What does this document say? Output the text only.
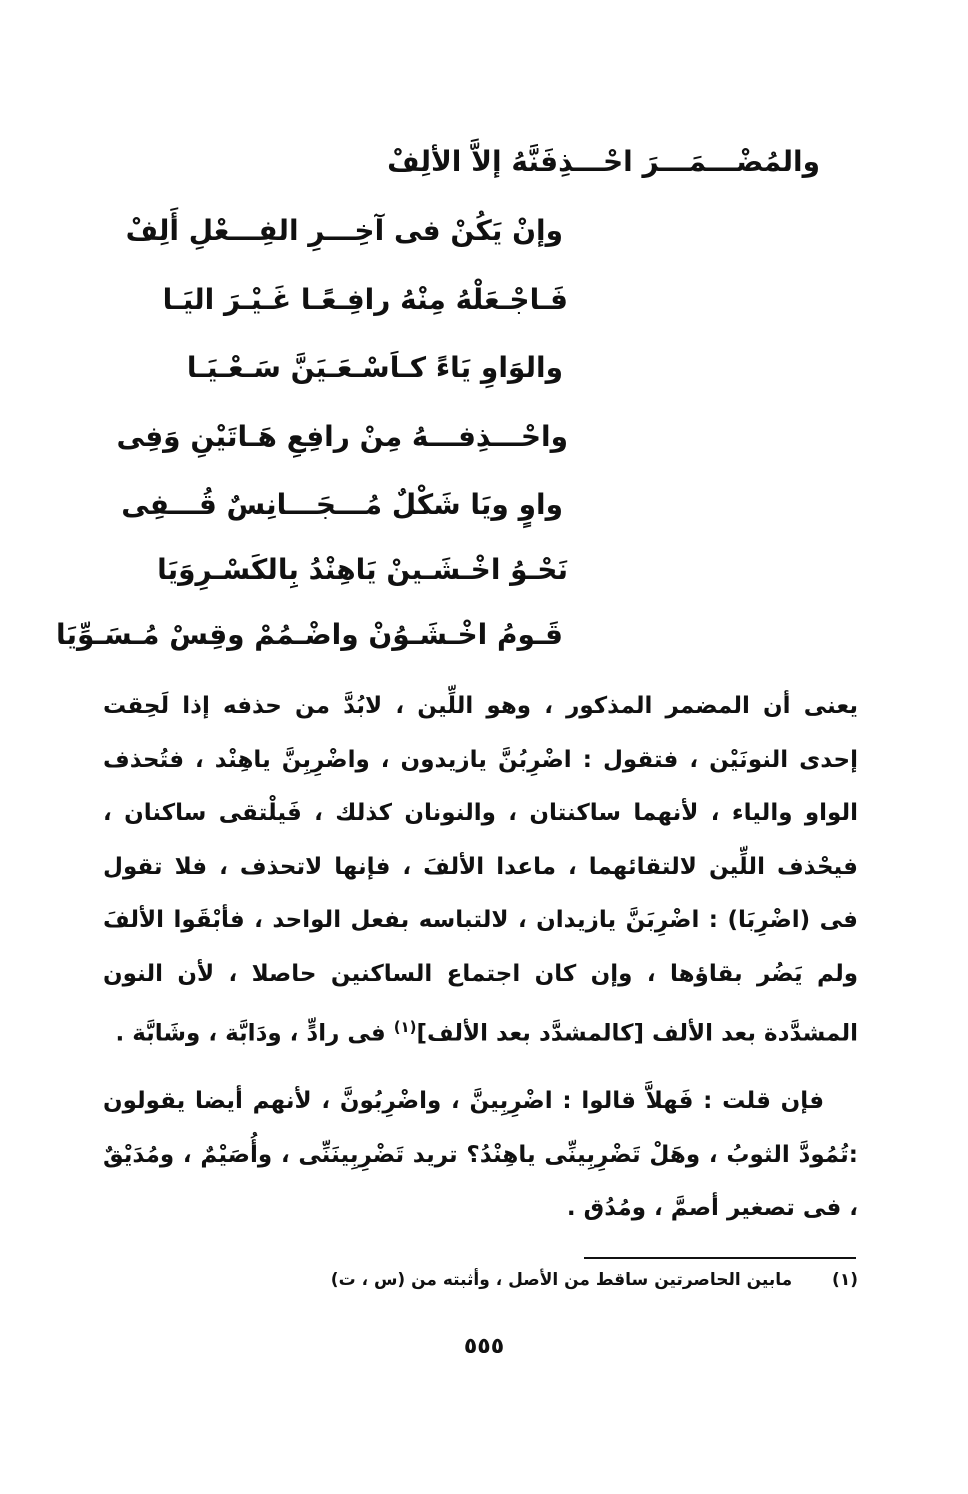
والمُضْـــمَـــرَ احْـــذِفَنَّهُ إلاَّ الألِفْ
وإنْ يَكُنْ فى آخِـــرِ الفِـــعْلِ أَلِفْ
فَـاجْـعَلْهُ مِنْهُ رافِـعًـا غَـيْـرَ اليَـا
والوَاوِ يَاءً كـاَسْـعَـيَنَّ سَـعْـيَـا
واحْـــذِفـــهُ مِنْ رافِعِ هَـاتَيْنِ وَفِى
واوٍ ويَا شَكْلٌ مُـــجَـــانِسٌ قُـــفِى
نَحْـوُ اخْـشَـينْ يَاهِنْدُ بِالكَسْـرِوَيَا
قَـومُ اخْـشَـوُنْ واضْـمُمْ وقِسْ مُـسَـوِّيَا

يعنى أن المضمر المذكور ، وهو اللِّين ، لابُدَّ من حذفه إذا لَحِقت إحدى النونَيْن ، فتقول : اضْرِبُنَّ يازيدون ، واضْرِبِنَّ ياهِنْد ، فتُحذف الواو والياء ، لأنهما ساكنتان ، والنونان كذلك ، فَيلْتقى ساكنان ، فيحْذف اللِّين لالتقائهما ، ماعدا الألفَ ، فإنها لاتحذف ، فلا تقول فى (اضْرِبَا) : اضْرِبَنَّ يازيدان ، لالتباسه بفعل الواحد ، فأبْقَوا الألفَ ولم يَضُر بقاؤها ، وإن كان اجتماع الساكنين حاصلا ، لأن النون المشدَّدة بعد الألف [كالمشدَّد بعد الألف]$^{(١)}$ فى رادٍّ ، ودَابَّة ، وشَابَّة .

فإن قلت : فَهلاَّ قالوا : اضْرِبِينَّ ، واضْرِبُونَّ ، لأنهم أيضا يقولون :تُمُودَّ الثوبُ ، وهَلْ تَضْرِبِينِّى ياهِنْدُ؟ تريد تَضْرِبِينَنِّى ، وأُصَيْمٌ ، ومُدَيْقٌ ، فى تصغير أصمَّ ، ومُدُق .

(١) مابين الحاصرتين ساقط من الأصل ، وأثبته من (س ، ت)
٥٥٥
